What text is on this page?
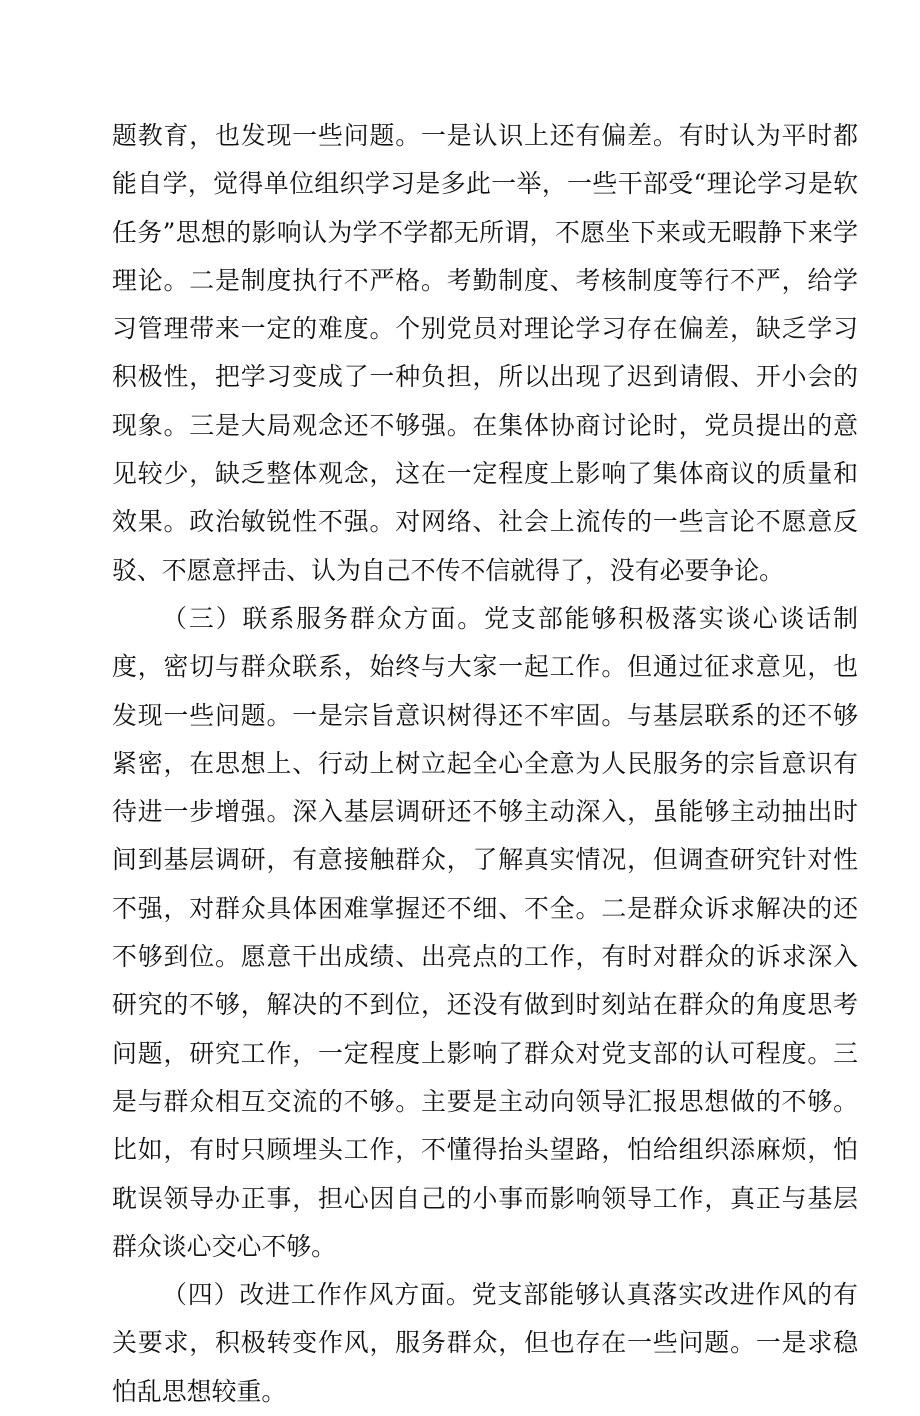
题教育，也发现一些问题。一是认识上还有偏差。有时认为平时都能自学，觉得单位组织学习是多此一举，一些干部受“理论学习是软任务”思想的影响认为学不学都无所谓，不愿坐下来或无暇静下来学理论。二是制度执行不严格。考勤制度、考核制度等行不严，给学习管理带来一定的难度。个别党员对理论学习存在偏差，缺乏学习积极性，把学习变成了一种负担，所以出现了迟到请假、开小会的现象。三是大局观念还不够强。在集体协商讨论时，党员提出的意见较少，缺乏整体观念，这在一定程度上影响了集体商议的质量和效果。政治敏锐性不强。对网络、社会上流传的一些言论不愿意反驳、不愿意抨击、认为自己不传不信就得了，没有必要争论。

（三）联系服务群众方面。党支部能够积极落实谈心谈话制度，密切与群众联系，始终与大家一起工作。但通过征求意见，也发现一些问题。一是宗旨意识树得还不牢固。与基层联系的还不够紧密，在思想上、行动上树立起全心全意为人民服务的宗旨意识有待进一步增强。深入基层调研还不够主动深入，虽能够主动抽出时间到基层调研，有意接触群众，了解真实情况，但调查研究针对性不强，对群众具体困难掌握还不细、不全。二是群众诉求解决的还不够到位。愿意干出成绩、出亮点的工作，有时对群众的诉求深入研究的不够，解决的不到位，还没有做到时刻站在群众的角度思考问题，研究工作，一定程度上影响了群众对党支部的认可程度。三是与群众相互交流的不够。主要是主动向领导汇报思想做的不够。比如，有时只顾埋头工作，不懂得抬头望路，怕给组织添麻烦，怕耽误领导办正事，担心因自己的小事而影响领导工作，真正与基层群众谈心交心不够。

（四）改进工作作风方面。党支部能够认真落实改进作风的有关要求，积极转变作风，服务群众，但也存在一些问题。一是求稳怕乱思想较重。
